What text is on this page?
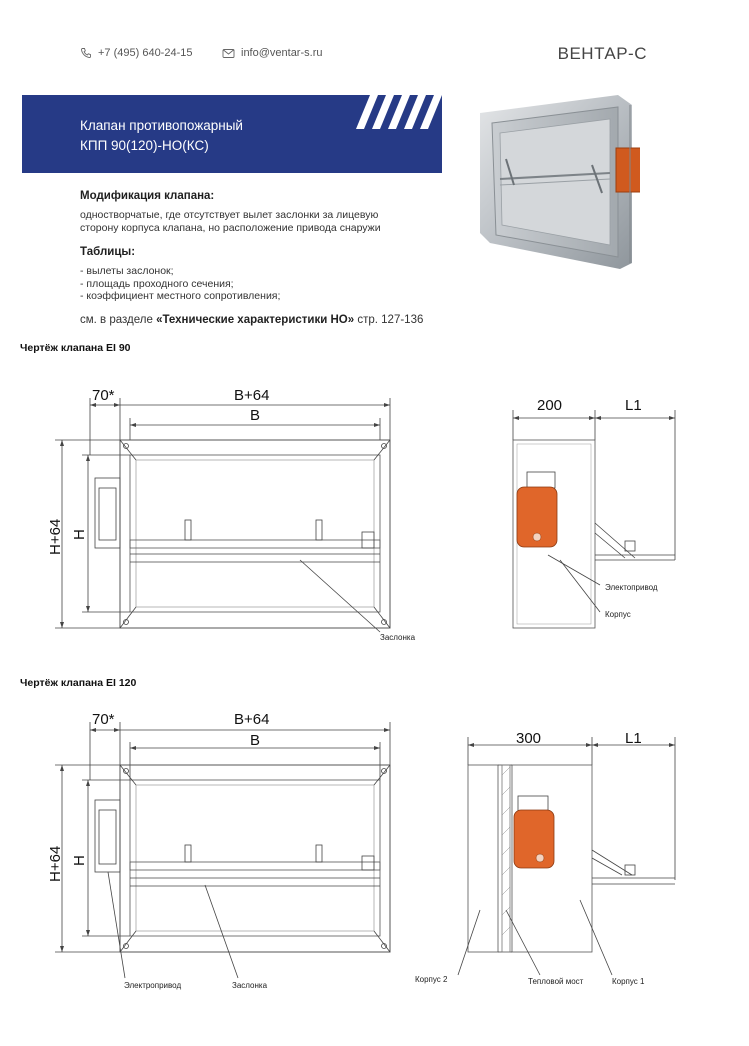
+7 (495) 640-24-15	info@ventar-s.ru	ВЕНТАР-С
Клапан противопожарный
КПП 90(120)-НО(КС)
Модификация клапана:
одностворчатые, где отсутствует вылет заслонки за лицевую
сторону корпуса клапана, но расположение привода снаружи
Таблицы:
- вылеты заслонок;
- площадь проходного сечения;
- коэффициент местного сопротивления;
см. в разделе «Технические характеристики НО» стр. 127-136
Чертёж клапана EI 90
Чертёж клапана EI 120
70*	B+64
B
H+64 H
Заслонка
200	L1
Электопривод
Корпус
70*	B+64
B
H+64 H
Электропривод	Заслонка
300	L1
Корпус 2	Тепловой мост	Корпус 1
